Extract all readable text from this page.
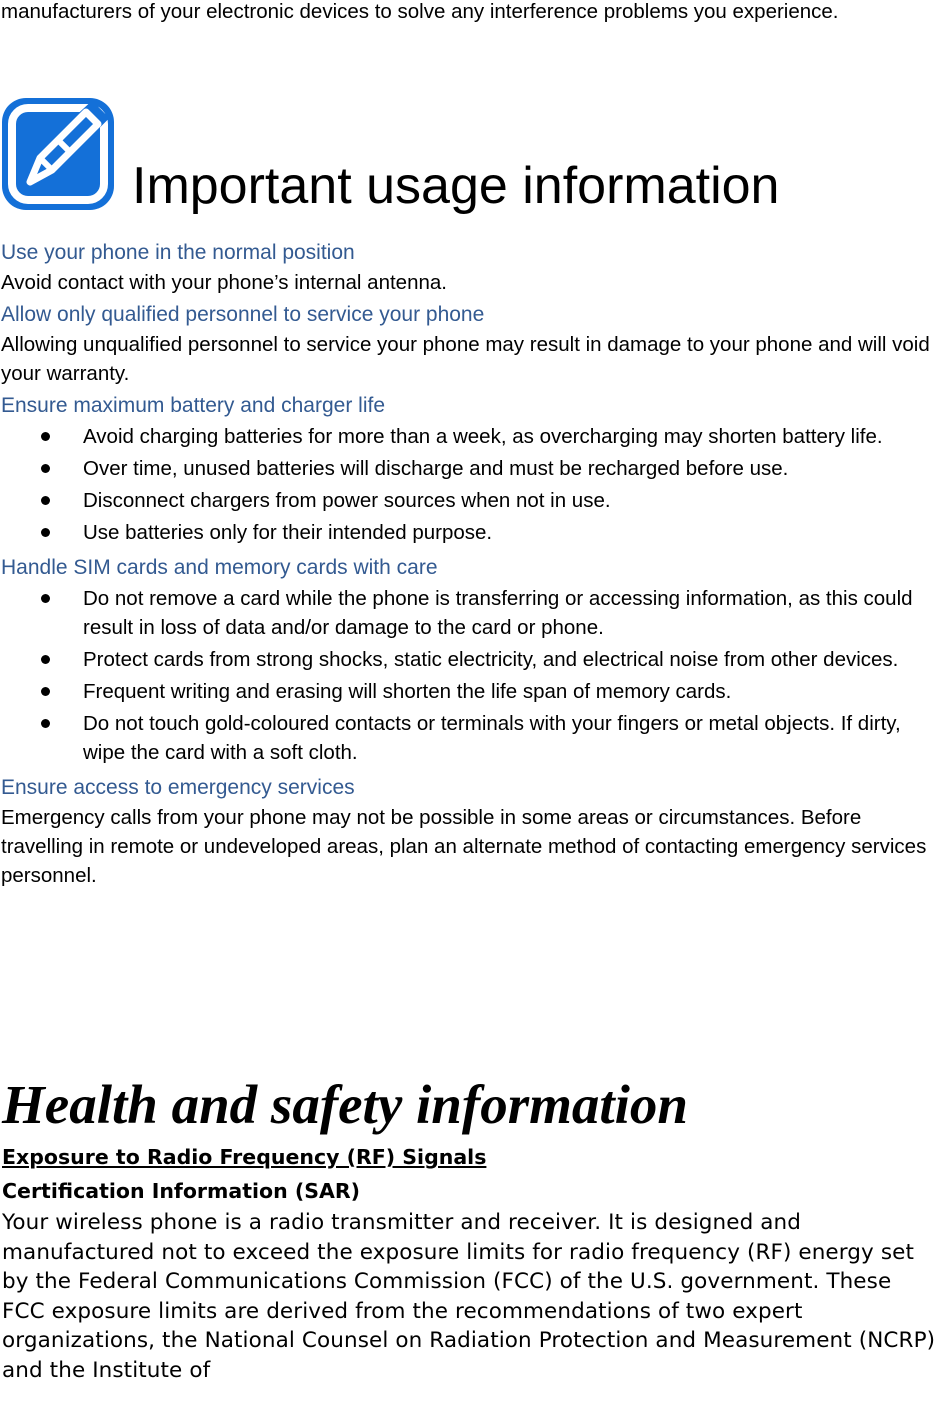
manufacturers of your electronic devices to solve any interference problems you experience.

Important usage information
Use your phone in the normal position

Avoid contact with your phone’s internal antenna.

Allow only qualified personnel to service your phone

Allowing unqualified personnel to service your phone may result in damage to your phone and will void your warranty.

Ensure maximum battery and charger life
Avoid charging batteries for more than a week, as overcharging may shorten battery life.
Over time, unused batteries will discharge and must be recharged before use.
Disconnect chargers from power sources when not in use.
Use batteries only for their intended purpose.
Handle SIM cards and memory cards with care
Do not remove a card while the phone is transferring or accessing information, as this could result in loss of data and/or damage to the card or phone.
Protect cards from strong shocks, static electricity, and electrical noise from other devices.
Frequent writing and erasing will shorten the life span of memory cards.
Do not touch gold-coloured contacts or terminals with your fingers or metal objects. If dirty, wipe the card with a soft cloth.
Ensure access to emergency services

Emergency calls from your phone may not be possible in some areas or circumstances. Before travelling in remote or undeveloped areas, plan an alternate method of contacting emergency services personnel.

Health and safety information
Exposure to Radio Frequency (RF) Signals
Certification Information (SAR)

Your wireless phone is a radio transmitter and receiver. It is designed and manufactured not to exceed the exposure limits for radio frequency (RF) energy set by the Federal Communications Commission (FCC) of the U.S. government. These FCC exposure limits are derived from the recommendations of two expert organizations, the National Counsel on Radiation Protection and Measurement (NCRP) and the Institute of
